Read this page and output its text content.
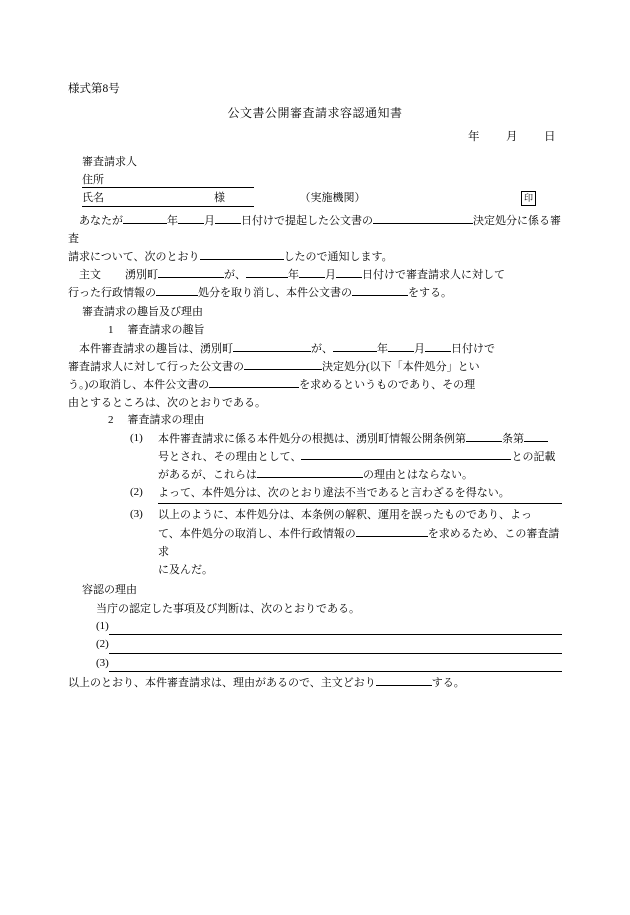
様式第8号
公文書公開審査請求容認通知書
年 月 日
審査請求人
住所
氏名	様	（実施機関）	印

あなたが	年 月 日付けで提起した公文書の	決定処分に係る審査

請求について、次のとおり	したので通知します。

主文 湧別町	が、	年 月 日付けで審査請求人に対して

行った行政情報の	処分を取り消し、本件公文書の	をする。

審査請求の趣旨及び理由
1 審査請求の趣旨

本件審査請求の趣旨は、湧別町	が、	年 月 日付けで

審査請求人に対して行った公文書の	決定処分(以下「本件処分」とい

う。)の取消し、本件公文書の	を求めるというものであり、その理

由とするところは、次のとおりである。

2 審査請求の理由
(1) 本件審査請求に係る本件処分の根拠は、湧別町情報公開条例第	条第

号とされ、その理由として、	との記載

があるが、これらは	の理由とはならない。

(2) よって、本件処分は、次のとおり違法不当であると言わざるを得ない。

(3) 以上のように、本件処分は、本条例の解釈、運用を誤ったものであり、よっ

て、本件処分の取消し、本件行政情報の	を求めるため、この審査請求

に及んだ。

容認の理由

当庁の認定した事項及び判断は、次のとおりである。

(1)
(2)
(3)

以上のとおり、本件審査請求は、理由があるので、主文どおり	する。
